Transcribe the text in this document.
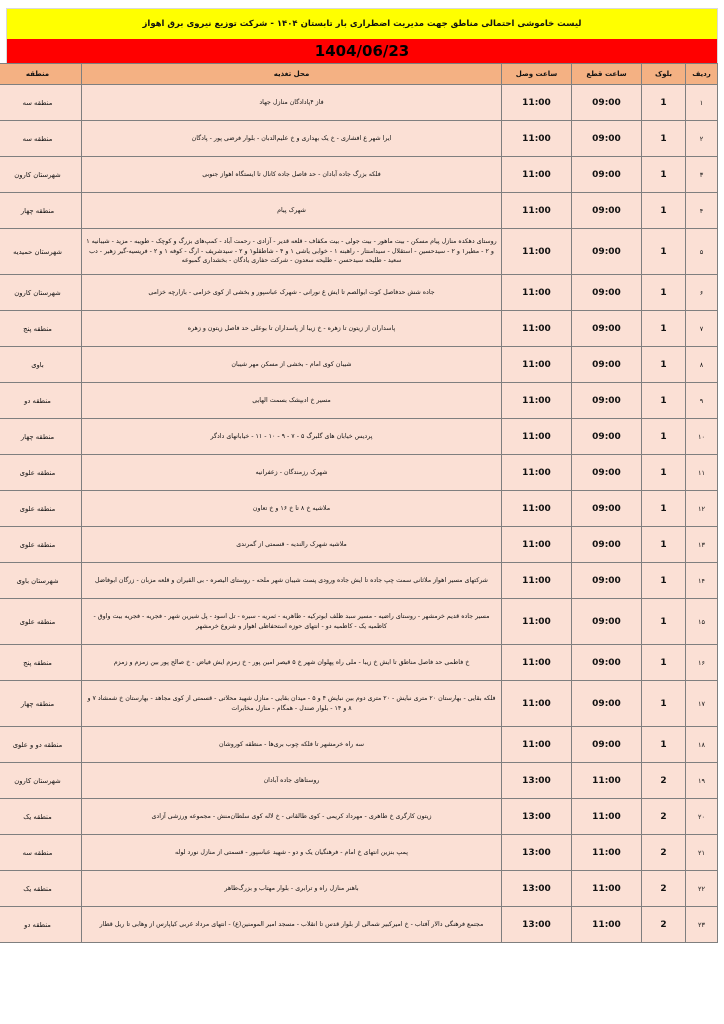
لیست خاموشی احتمالی مناطق جهت مدیریت اضطراری بار تابستان ۱۴۰۴ - شرکت توزیع نیروی برق اهواز
1404/06/23
ردیف	بلوک	ساعت قطع	ساعت وصل	محل تغذیه	منطقه
۱	1	09:00	11:00	فاز ۴پادادگان منازل جهاد	منطقه سه
۲	1	09:00	11:00	ایرا شهر ع افشاری - خ یک بهداری و خ علیم‌الدبان - بلوار فرضی پور - پادگان	منطقه سه
۳	1	09:00	11:00	فلکه بزرگ جاده آبادان - حد فاصل جاده کانال تا ایستگاه اهواز جنوبی	شهرستان کارون
۴	1	09:00	11:00	شهرک پیام	منطقه چهار
۵	1	09:00	11:00	روستای دهکده منازل پیام مسکن - بیت ماهور - بیت جولی - بیت مکفاف - قلعه قدیر - آزادی - رحمت آباد - کمپ‌های بزرگ و کوچک - طویبه - مزید - شیبانیه ۱ و ۲ - مطیر۱ و ۲ - سیدحسین - استقلال - سیدامنتار - راهبنه ۱ - خوابی یاشی ۱ و ۴ - شاطقلو۱ و ۲ - سیدشریف - ارگ - کوفه ۱ و ۲ - فریسیه-گیر زهیر - دب سعید - طلیحه سیدحسن - طلیحه سعدون - شرکت حفاری یادگان - بخشداری گمبوعه	شهرستان حمیدیه
۶	1	09:00	11:00	جاده شش حدفاصل کوت ابوالصم تا ایش غ نورانی - شهرک عباسپور و بخشی از کوی خزامی - بازارچه خزامی	شهرستان کارون
۷	1	09:00	11:00	پاسداران از زیتون تا زهره - خ زیبا از پاسداران تا بوعلی حد فاصل زیتون و زهره	منطقه پنج
۸	1	09:00	11:00	شیبان کوی امام - بخشی از مسکن مهر شیبان	باوی
۹	1	09:00	11:00	مسیر خ ادبپشک بسمت الهایی	منطقه دو
۱۰	1	09:00	11:00	پردیس خیابان های گلبرگ ۵ - ۷ - ۹ - ۱۰ - ۱۱ - خیابانهای دادگر	منطقه چهار
۱۱	1	09:00	11:00	شهرک رزمندگان - زعفرانیه	منطقه علوی
۱۲	1	09:00	11:00	ملاشیه خ ۸ تا خ ۱۶ و خ تعاون	منطقه علوی
۱۳	1	09:00	11:00	ملاشیه شهرک رالندیه - قسمتی از گمرندی	منطقه علوی
۱۴	1	09:00	11:00	شرکتهای مسیر اهواز ملاثانی سمت چپ جاده تا ایش جاده ورودی پست شیبان شهر ملحه - روستای الیصره - بی القیران و قلعه مزبان - زرگان ابوفاضل	شهرستان باوی
۱۵	1	09:00	11:00	مسیر جاده قدیم خرمشهر - روستای راضیه - مسیر سبد ظلف ابوترکیه - طاهریه - ثمریه - سیره - تل اسود - پل شیرین شهر - فجریه - فجریه بیت واوق - کاظمیه یک - کاظمیه دو - انتهای حوزه استحفاظی اهواز و شروع خرمشهر	منطقه علوی
۱۶	1	09:00	11:00	خ فاطمی حد فاصل مناطق تا ایش خ زیبا - ملی راه پهلوان شهر خ ۵ قیصر امین پور - خ زمزم ایش فیاض - خ صالح پور بین زمزم و زمزم	منطقه پنج
۱۷	1	09:00	11:00	فلکه بقایی - بهارستان ۲۰ متری نبایش - ۲۰ متری دوم بین نبایش ۴ و ۵ - میدان بقایی - منازل شهید محلاتی - قسمتی از کوی مجاهد - بهارستان خ شمشاد ۷ و ۸ و ۱۴ - بلوار صندل - همگام - منازل مخابرات	منطقه چهار
۱۸	1	09:00	11:00	سه راه خرمشهر تا فلکه چوب بری‌ها - منطقه کوروشان	منطقه دو و علوی
۱۹	2	11:00	13:00	روستاهای جاده آبادان	شهرستان کارون
۲۰	2	11:00	13:00	زیتون کارگری خ طاهری - مهرداد کریمی - کوی طالقانی - خ لاله کوی سلطان‌منش - مجموعه ورزشی آزادی	منطقه یک
۲۱	2	11:00	13:00	پمپ بنزین انتهای خ امام - فرهنگیان یک و دو - شهید عباسپور - قسمتی از منازل نورد لوله	منطقه سه
۲۲	2	11:00	13:00	باهنر منازل راه و ترابری - بلوار مهتاب و بزرگ‌طاهر	منطقه یک
۲۳	2	11:00	13:00	مجتمع فرهنگی دالار آفتاب - خ امیرکبیر شمالی از بلوار قدس تا انقلاب - مسجد امیر المومنین(ع) - انتهای مرداد غربی کیاپارس از وهابی تا ریل قطار	منطقه دو
